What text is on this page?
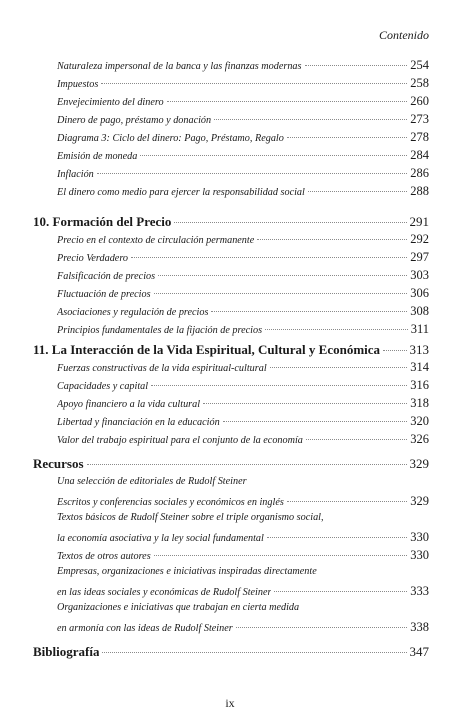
Contenido
Naturaleza impersonal de la banca y las finanzas modernas	254
Impuestos	258
Envejecimiento del dinero	260
Dinero de pago, préstamo y donación	273
Diagrama 3: Ciclo del dinero: Pago, Préstamo, Regalo	278
Emisión de moneda	284
Inflación	286
El dinero como medio para ejercer la responsabilidad social	288
10. Formación del Precio	291
Precio en el contexto de circulación permanente	292
Precio Verdadero	297
Falsificación de precios	303
Fluctuación de precios	306
Asociaciones y regulación de precios	308
Principios fundamentales de la fijación de precios	311
11. La Interacción de la Vida Espiritual, Cultural y Económica 313
Fuerzas constructivas de la vida espiritual-cultural	314
Capacidades y capital	316
Apoyo financiero a la vida cultural	318
Libertad y financiación en la educación	320
Valor del trabajo espiritual para el conjunto de la economía	326
Recursos	329
Una selección de editoriales de Rudolf Steiner
Escritos y conferencias sociales y económicos en inglés	329
Textos básicos de Rudolf Steiner sobre el triple organismo social,
la economía asociativa y la ley social fundamental	330
Textos de otros autores	330
Empresas, organizaciones e iniciativas inspiradas directamente
en las ideas sociales y económicas de Rudolf Steiner	333
Organizaciones e iniciativas que trabajan en cierta medida
en armonía con las ideas de Rudolf Steiner	338
Bibliografía	347
ix
